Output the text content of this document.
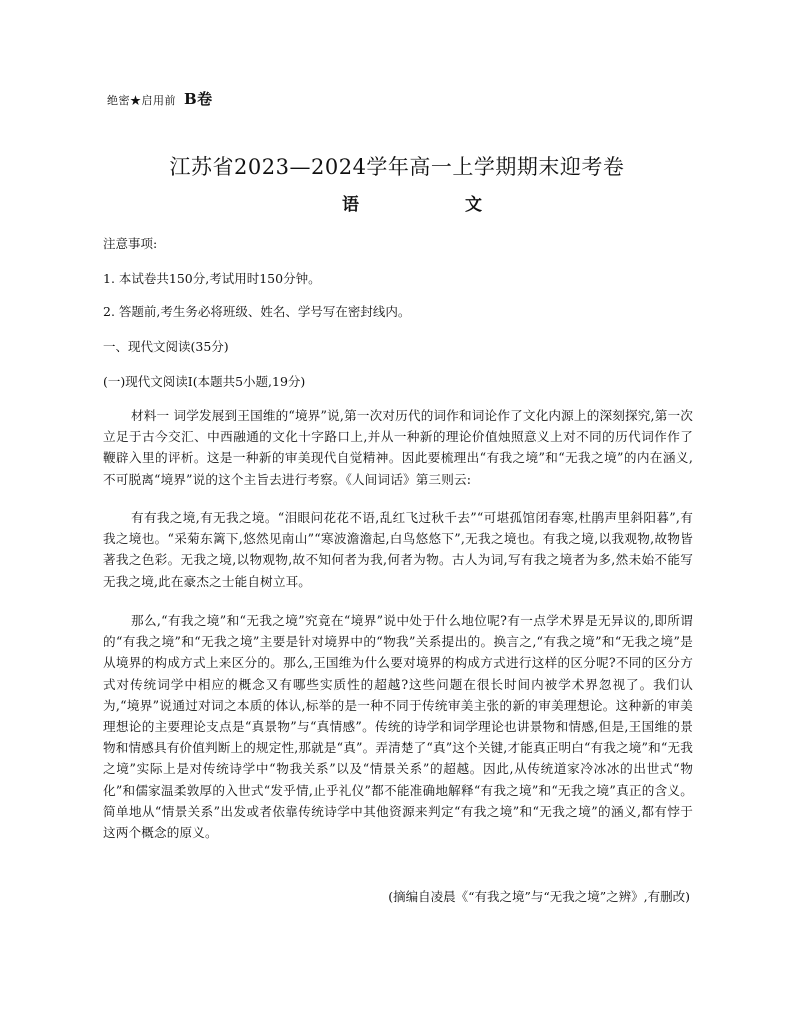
绝密★启用前 B卷
江苏省2023—2024学年高一上学期期末迎考卷
语 文
注意事项:
1. 本试卷共150分,考试用时150分钟。
2. 答题前,考生务必将班级、姓名、学号写在密封线内。
一、现代文阅读(35分)
(一)现代文阅读Ⅰ(本题共5小题,19分)
材料一 词学发展到王国维的“境界”说,第一次对历代的词作和词论作了文化内源上的深刻探究,第一次立足于古今交汇、中西融通的文化十字路口上,并从一种新的理论价值烛照意义上对不同的历代词作作了鞭辟入里的评析。这是一种新的审美现代自觉精神。因此要梳理出“有我之境”和“无我之境”的内在涵义,不可脱离“境界”说的这个主旨去进行考察。《人间词话》第三则云:
有有我之境,有无我之境。“泪眼问花花不语,乱红飞过秋千去”“可堪孤馆闭春寒,杜鹃声里斜阳暮”,有我之境也。“采菊东篱下,悠然见南山”“寒波澹澹起,白鸟悠悠下”,无我之境也。有我之境,以我观物,故物皆著我之色彩。无我之境,以物观物,故不知何者为我,何者为物。古人为词,写有我之境者为多,然未始不能写无我之境,此在豪杰之士能自树立耳。
那么,“有我之境”和“无我之境”究竟在“境界”说中处于什么地位呢?有一点学术界是无异议的,即所谓的“有我之境”和“无我之境”主要是针对境界中的“物我”关系提出的。换言之,“有我之境”和“无我之境”是从境界的构成方式上来区分的。那么,王国维为什么要对境界的构成方式进行这样的区分呢?不同的区分方式对传统词学中相应的概念又有哪些实质性的超越?这些问题在很长时间内被学术界忽视了。我们认为,“境界”说通过对词之本质的体认,标举的是一种不同于传统审美主张的新的审美理想论。这种新的审美理想论的主要理论支点是“真景物”与“真情感”。传统的诗学和词学理论也讲景物和情感,但是,王国维的景物和情感具有价值判断上的规定性,那就是“真”。弄清楚了“真”这个关键,才能真正明白“有我之境”和“无我之境”实际上是对传统诗学中“物我关系”以及“情景关系”的超越。因此,从传统道家冷冰冰的出世式“物化”和儒家温柔敦厚的入世式“发乎情,止乎礼仪”都不能准确地解释“有我之境”和“无我之境”真正的含义。简单地从“情景关系”出发或者依靠传统诗学中其他资源来判定“有我之境”和“无我之境”的涵义,都有悖于这两个概念的原义。
(摘编自凌晨《“有我之境”与“无我之境”之辨》,有删改)
